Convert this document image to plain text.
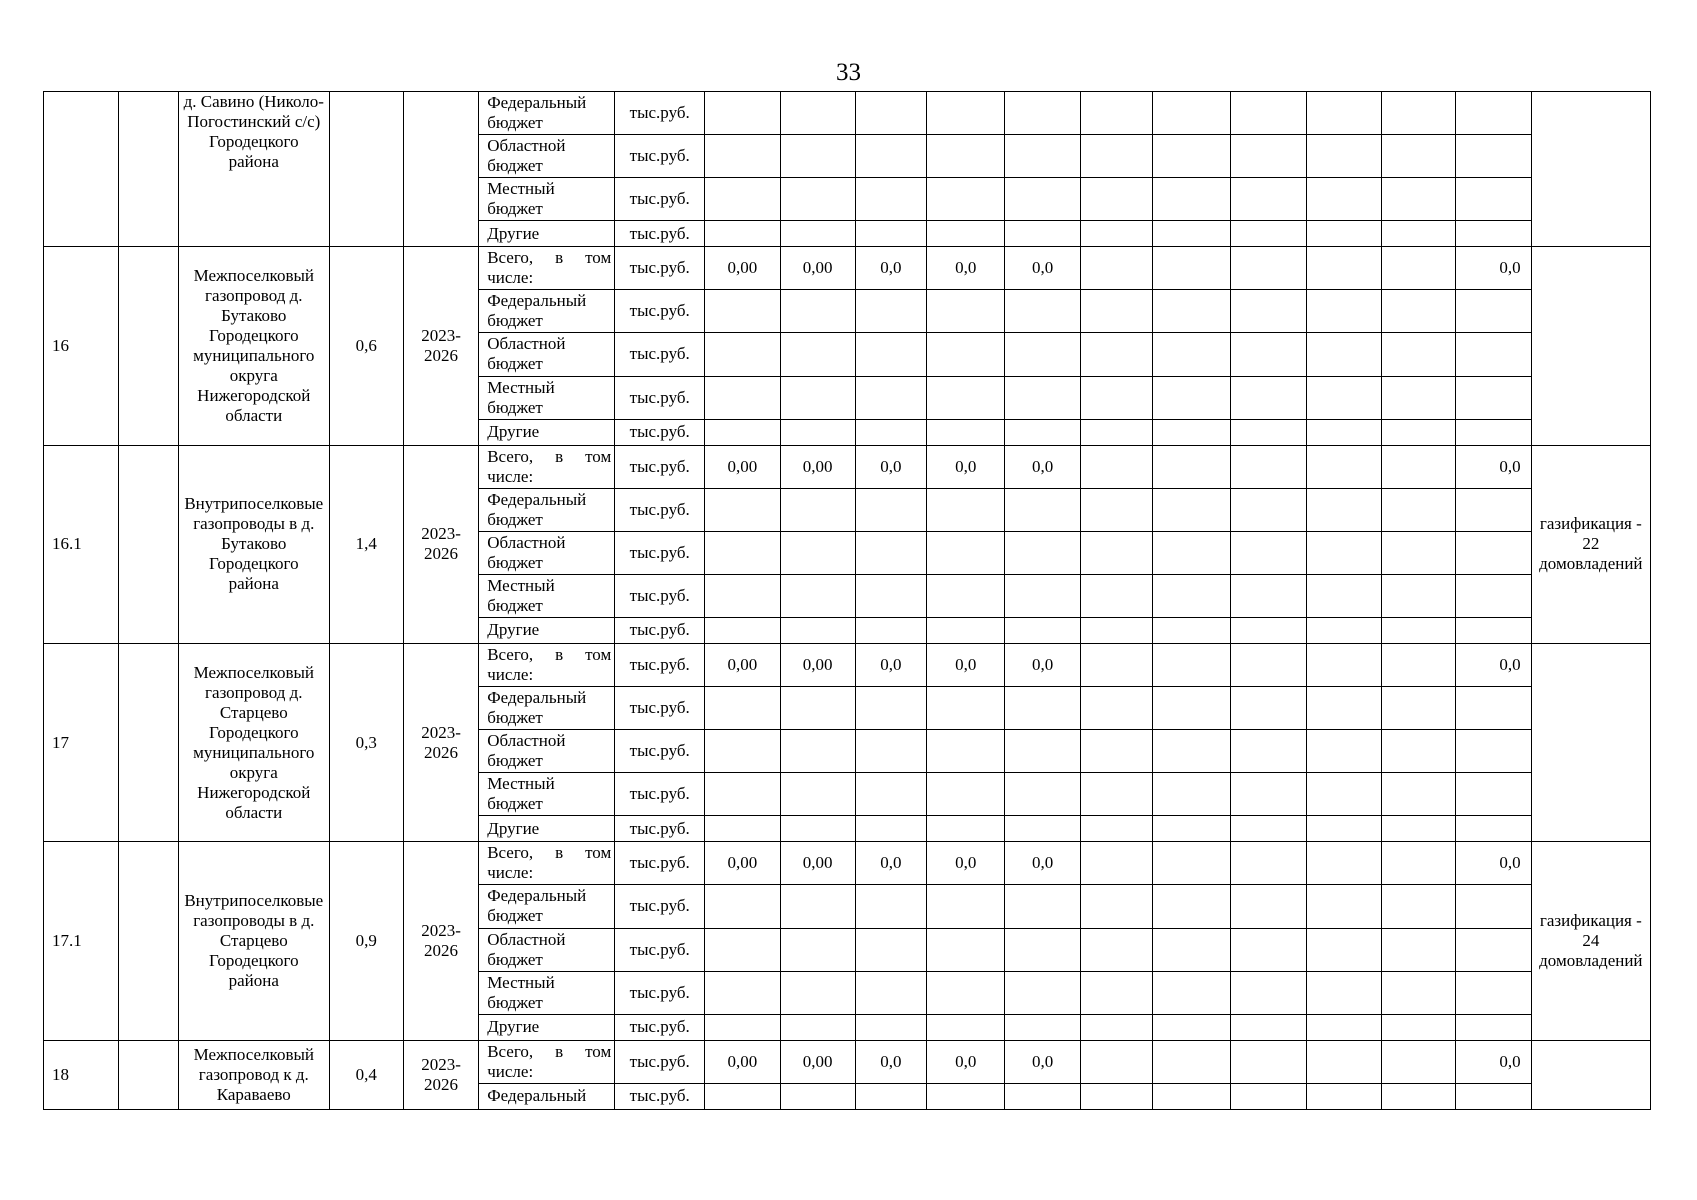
33
		д. Савино (Николо-Погостинский с/с) Городецкого района			Федеральный бюджет	тыс.руб.												
					Областной бюджет	тыс.руб.												
					Местный бюджет	тыс.руб.												
					Другие	тыс.руб.												
16		Межпоселковый газопровод д. Бутаково Городецкого муниципального округа Нижегородской области	0,6	2023-2026	Всего, в том числе:	тыс.руб.	0,00	0,00	0,0	0,0	0,0						0,0	
					Федеральный бюджет	тыс.руб.												
					Областной бюджет	тыс.руб.												
					Местный бюджет	тыс.руб.												
					Другие	тыс.руб.												
16.1		Внутрипоселковые газопроводы в д. Бутаково Городецкого района	1,4	2023-2026	Всего, в том числе:	тыс.руб.	0,00	0,00	0,0	0,0	0,0						0,0	газификация - 22 домовладений
					Федеральный бюджет	тыс.руб.												
					Областной бюджет	тыс.руб.												
					Местный бюджет	тыс.руб.												
					Другие	тыс.руб.												
17		Межпоселковый газопровод д. Старцево Городецкого муниципального округа Нижегородской области	0,3	2023-2026	Всего, в том числе:	тыс.руб.	0,00	0,00	0,0	0,0	0,0						0,0	
					Федеральный бюджет	тыс.руб.												
					Областной бюджет	тыс.руб.												
					Местный бюджет	тыс.руб.												
					Другие	тыс.руб.												
17.1		Внутрипоселковые газопроводы в д. Старцево Городецкого района	0,9	2023-2026	Всего, в том числе:	тыс.руб.	0,00	0,00	0,0	0,0	0,0						0,0	газификация - 24 домовладений
					Федеральный бюджет	тыс.руб.												
					Областной бюджет	тыс.руб.												
					Местный бюджет	тыс.руб.												
					Другие	тыс.руб.												
18		Межпоселковый газопровод к д. Караваево	0,4	2023-2026	Всего, в том числе:	тыс.руб.	0,00	0,00	0,0	0,0	0,0						0,0	
					Федеральный	тыс.руб.												
